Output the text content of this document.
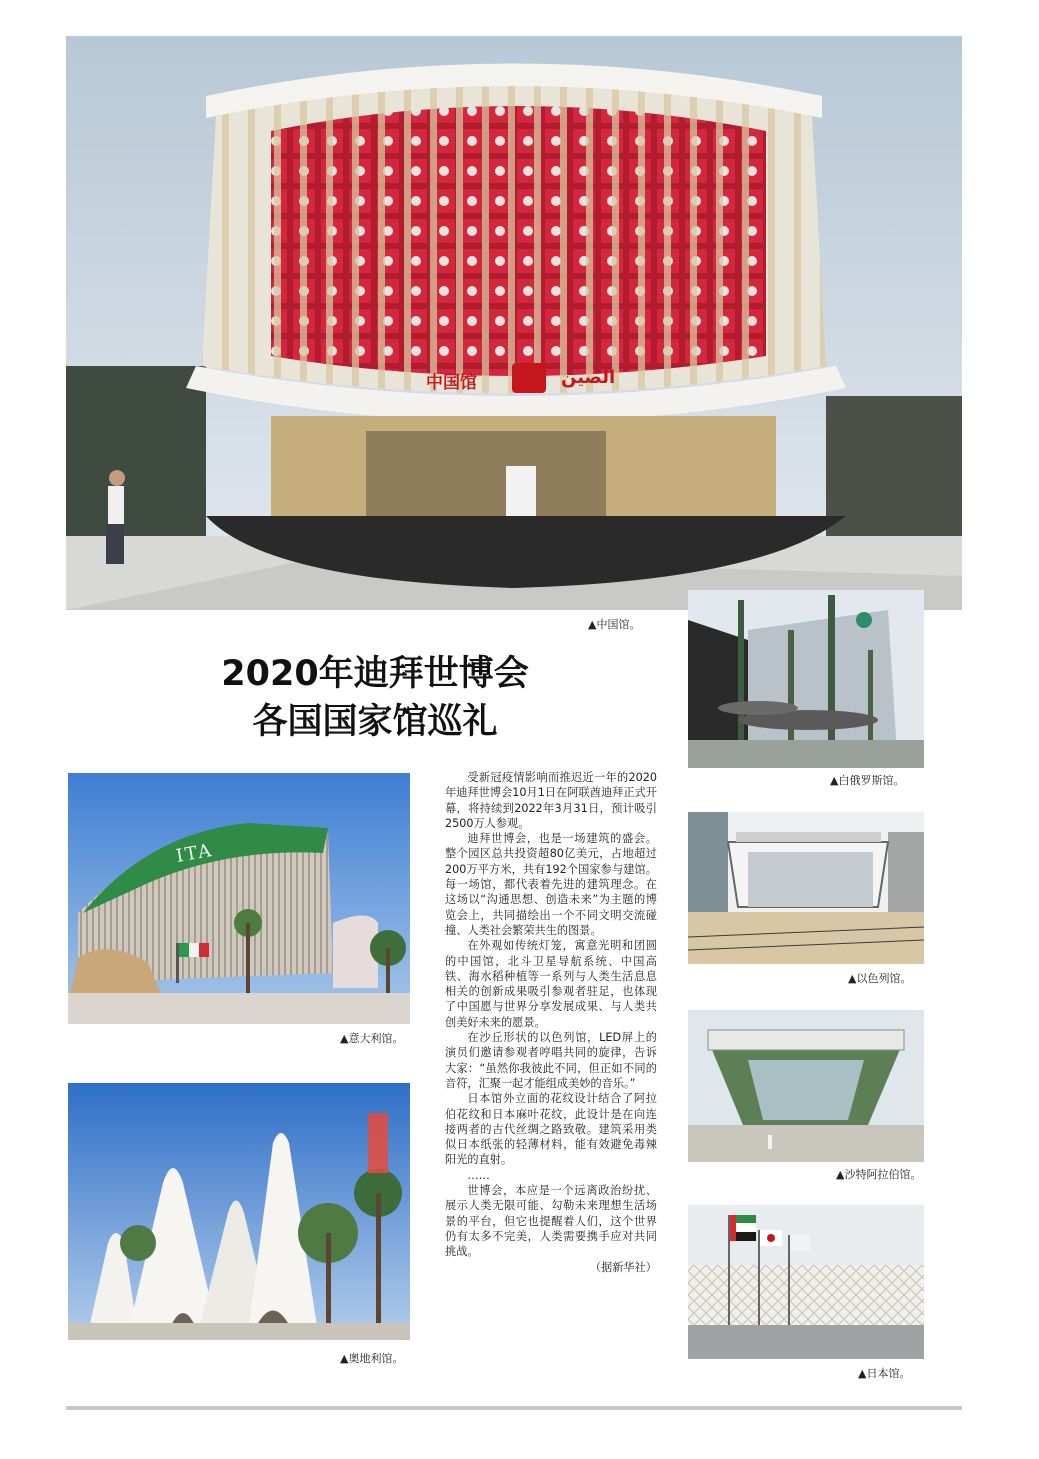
中国馆	الصين
▲中国馆。
2020年迪拜世博会
各国国家馆巡礼
▲白俄罗斯馆。
ITA
▲意大利馆。

受新冠疫情影响而推迟近一年的2020年迪拜世博会10月1日在阿联酋迪拜正式开幕，将持续到2022年3月31日，预计吸引2500万人参观。

迪拜世博会，也是一场建筑的盛会。整个园区总共投资超80亿美元，占地超过200万平方米，共有192个国家参与建馆。每一场馆，都代表着先进的建筑理念。在这场以“沟通思想、创造未来”为主题的博览会上，共同描绘出一个不同文明交流碰撞、人类社会繁荣共生的图景。

在外观如传统灯笼，寓意光明和团圆的中国馆，北斗卫星导航系统、中国高铁、海水稻种植等一系列与人类生活息息相关的创新成果吸引参观者驻足，也体现了中国愿与世界分享发展成果、与人类共创美好未来的愿景。

在沙丘形状的以色列馆，LED屏上的演员们邀请参观者哼唱共同的旋律，告诉大家：“虽然你我彼此不同，但正如不同的音符，汇聚一起才能组成美妙的音乐。”

日本馆外立面的花纹设计结合了阿拉伯花纹和日本麻叶花纹，此设计是在向连接两者的古代丝绸之路致敬。建筑采用类似日本纸张的轻薄材料，能有效避免毒辣阳光的直射。

……

世博会，本应是一个远离政治纷扰、展示人类无限可能、勾勒未来理想生活场景的平台，但它也提醒着人们，这个世界仍有太多不完美，人类需要携手应对共同挑战。

（据新华社）

▲以色列馆。
▲奥地利馆。
▲沙特阿拉伯馆。
▲日本馆。
